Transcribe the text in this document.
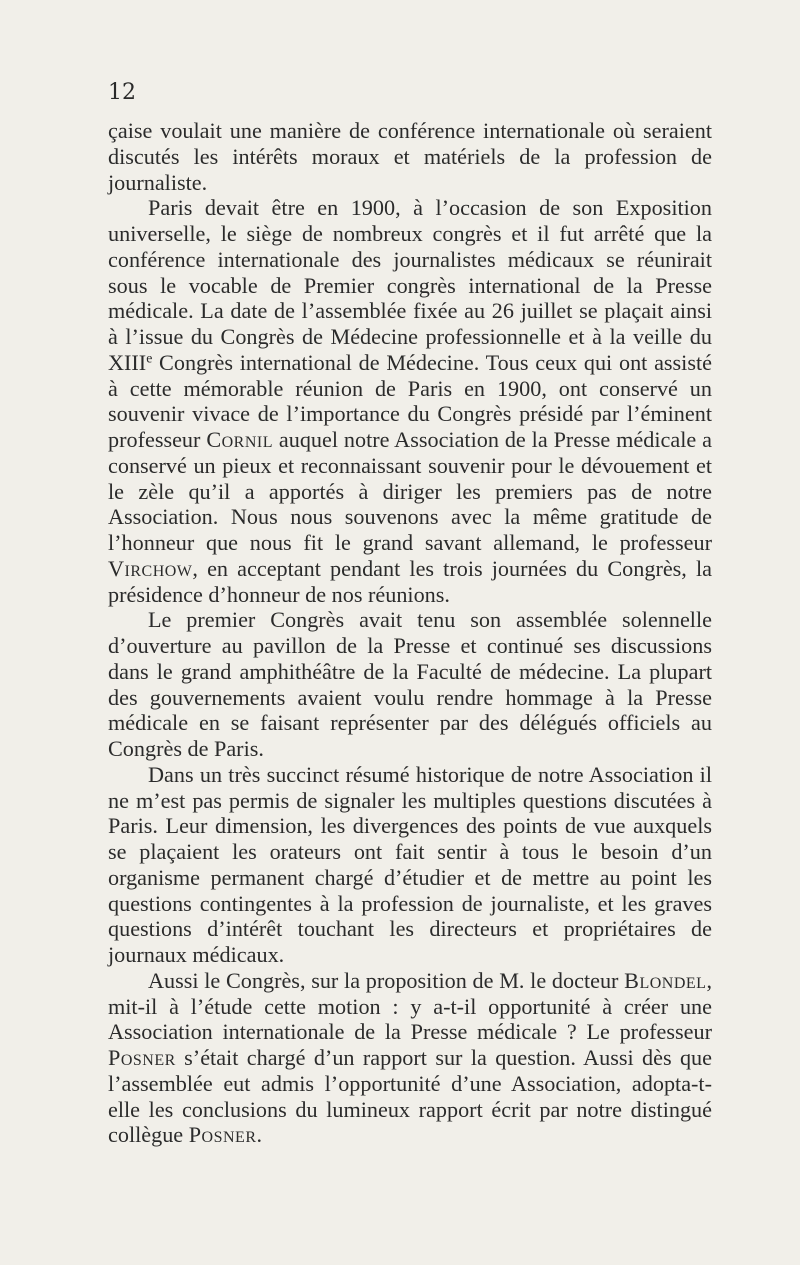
12

çaise voulait une manière de conférence internationale où seraient discutés les intérêts moraux et matériels de la profession de journaliste.

Paris devait être en 1900, à l’occasion de son Exposition universelle, le siège de nombreux congrès et il fut arrêté que la conférence internationale des journalistes médicaux se réunirait sous le vocable de Premier congrès international de la Presse médicale. La date de l’assemblée fixée au 26 juillet se plaçait ainsi à l’issue du Congrès de Médecine professionnelle et à la veille du XIIIe Congrès international de Médecine. Tous ceux qui ont assisté à cette mémorable réunion de Paris en 1900, ont conservé un souvenir vivace de l’importance du Congrès présidé par l’éminent professeur Cornil auquel notre Association de la Presse médicale a conservé un pieux et reconnaissant souvenir pour le dévouement et le zèle qu’il a apportés à diriger les premiers pas de notre Association. Nous nous souvenons avec la même gratitude de l’honneur que nous fit le grand savant allemand, le professeur Virchow, en acceptant pendant les trois journées du Congrès, la présidence d’honneur de nos réunions.

Le premier Congrès avait tenu son assemblée solennelle d’ouverture au pavillon de la Presse et continué ses discussions dans le grand amphithéâtre de la Faculté de médecine. La plupart des gouvernements avaient voulu rendre hommage à la Presse médicale en se faisant représenter par des délégués officiels au Congrès de Paris.

Dans un très succinct résumé historique de notre Association il ne m’est pas permis de signaler les multiples questions discutées à Paris. Leur dimension, les divergences des points de vue auxquels se plaçaient les orateurs ont fait sentir à tous le besoin d’un organisme permanent chargé d’étudier et de mettre au point les questions contingentes à la profession de journaliste, et les graves questions d’intérêt touchant les directeurs et propriétaires de journaux médicaux.

Aussi le Congrès, sur la proposition de M. le docteur Blondel, mit-il à l’étude cette motion : y a-t-il opportunité à créer une Association internationale de la Presse médicale ? Le professeur Posner s’était chargé d’un rapport sur la question. Aussi dès que l’assemblée eut admis l’opportunité d’une Association, adopta-t-elle les conclusions du lumineux rapport écrit par notre distingué collègue Posner.
